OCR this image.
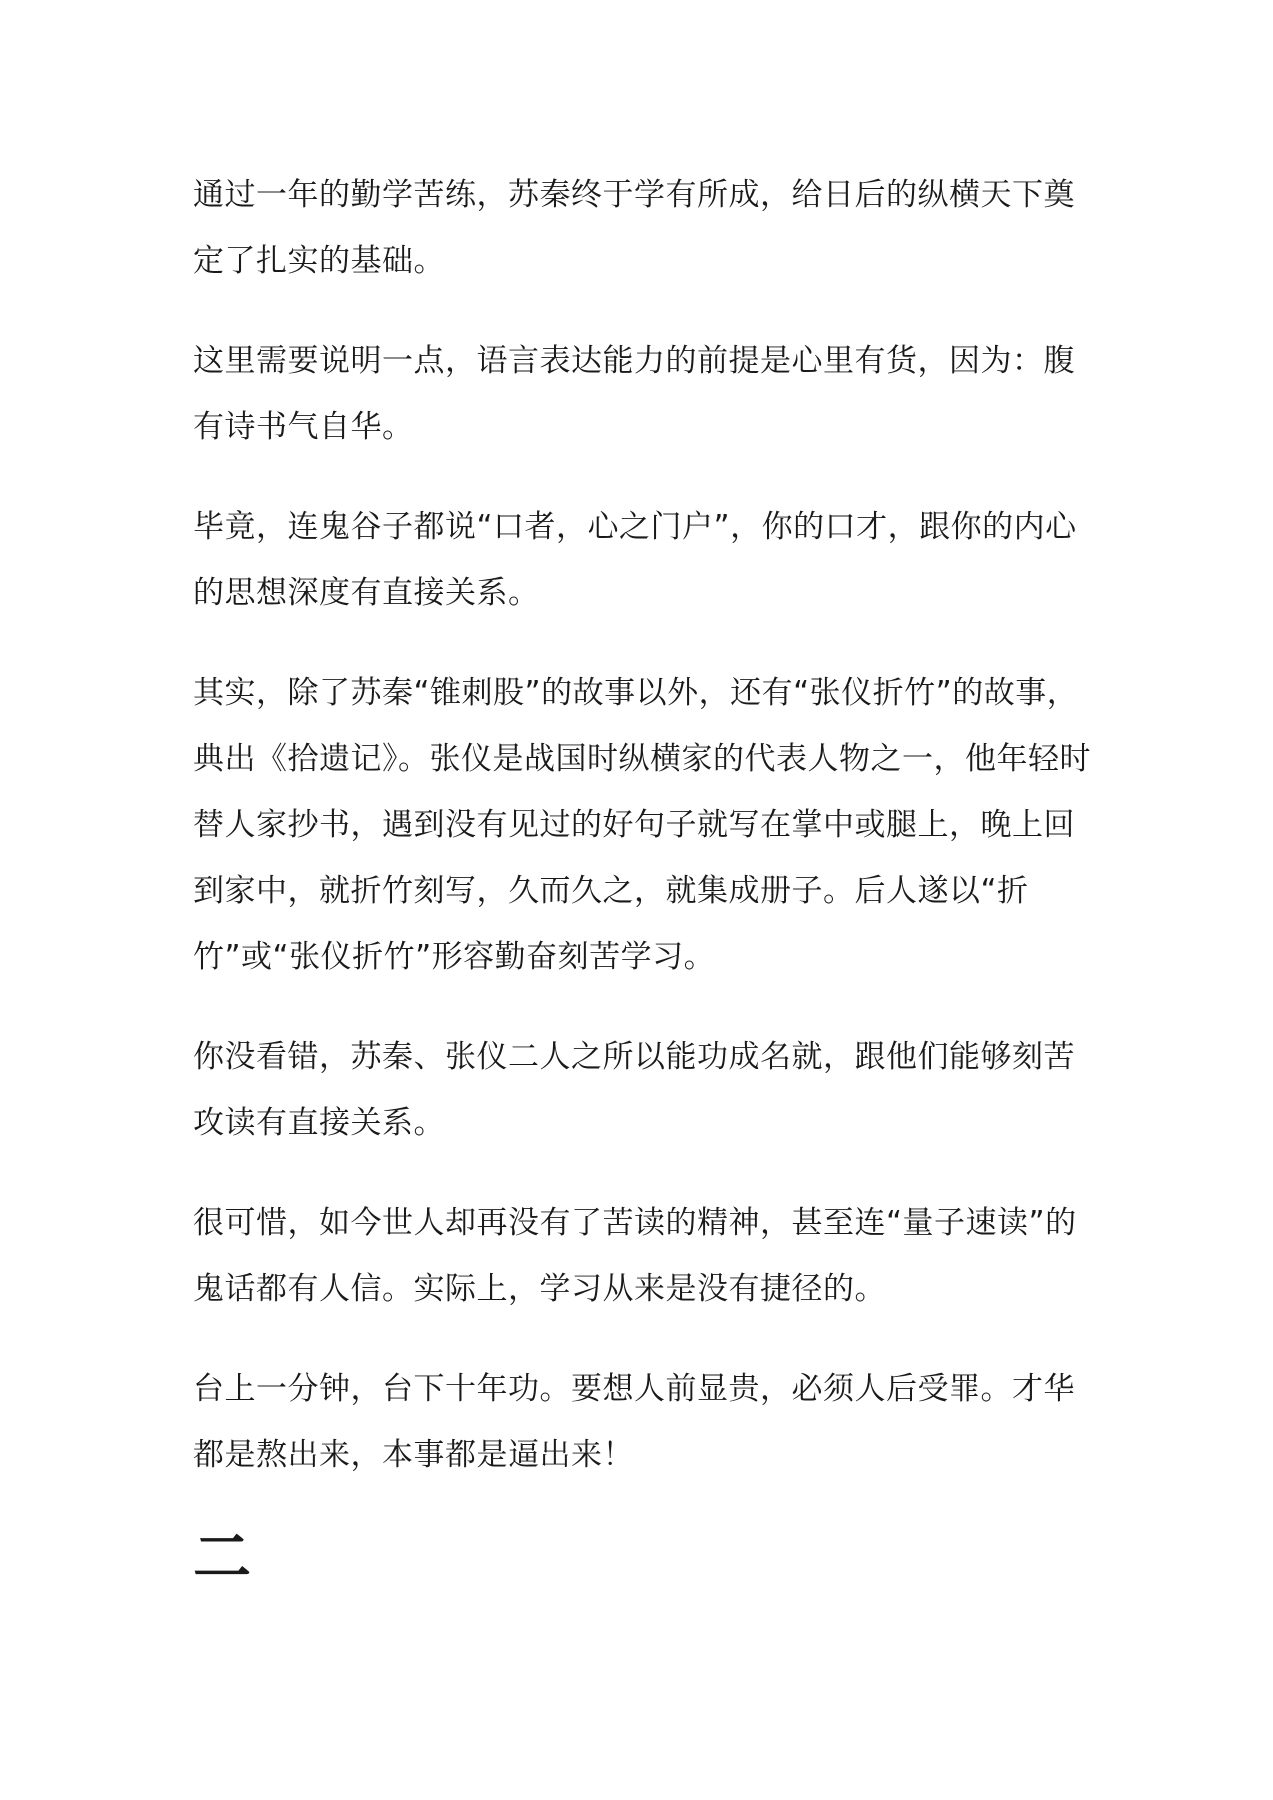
通过一年的勤学苦练，苏秦终于学有所成，给日后的纵横天下奠定了扎实的基础。

这里需要说明一点，语言表达能力的前提是心里有货，因为：腹有诗书气自华。

毕竟，连鬼谷子都说“口者，心之门户”，你的口才，跟你的内心的思想深度有直接关系。

其实，除了苏秦“锥刺股”的故事以外，还有“张仪折竹”的故事，典出《拾遗记》。张仪是战国时纵横家的代表人物之一，他年轻时替人家抄书，遇到没有见过的好句子就写在掌中或腿上，晚上回到家中，就折竹刻写，久而久之，就集成册子。后人遂以“折竹”或“张仪折竹”形容勤奋刻苦学习。

你没看错，苏秦、张仪二人之所以能功成名就，跟他们能够刻苦攻读有直接关系。

很可惜，如今世人却再没有了苦读的精神，甚至连“量子速读”的鬼话都有人信。实际上，学习从来是没有捷径的。

台上一分钟，台下十年功。要想人前显贵，必须人后受罪。才华都是熬出来，本事都是逼出来！

二
